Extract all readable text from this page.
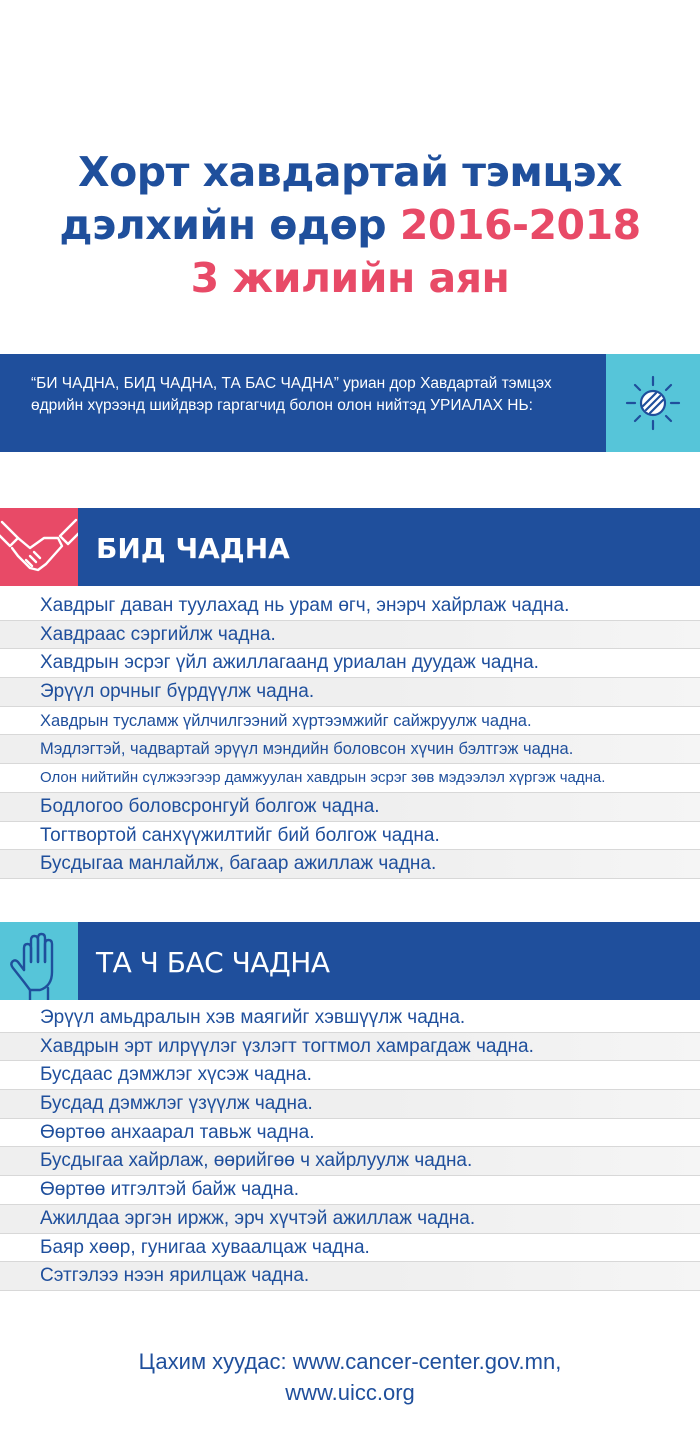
Хорт хавдартай тэмцэх
дэлхийн өдөр 2016-2018
3 жилийн аян
“БИ ЧАДНА, БИД ЧАДНА, ТА БАС ЧАДНА” уриан дор Хавдартай тэмцэх өдрийн хүрээнд шийдвэр гаргагчид болон олон нийтэд УРИАЛАХ НЬ:
БИД ЧАДНА
Хавдрыг даван туулахад нь урам өгч, энэрч хайрлаж чадна.
Хавдраас сэргийлж чадна.
Хавдрын эсрэг үйл ажиллагаанд уриалан дуудаж чадна.
Эрүүл орчныг бүрдүүлж чадна.
Хавдрын тусламж үйлчилгээний хүртээмжийг сайжруулж чадна.
Мэдлэгтэй, чадвартай эрүүл мэндийн боловсон хүчин бэлтгэж чадна.
Олон нийтийн сүлжээгээр дамжуулан хавдрын эсрэг зөв мэдээлэл хүргэж чадна.
Бодлогоо боловсронгуй болгож чадна.
Тогтвортой санхүүжилтийг бий болгож чадна.
Бусдыгаа манлайлж, багаар ажиллаж чадна.
ТА Ч БАС ЧАДНА
Эрүүл амьдралын хэв маягийг хэвшүүлж чадна.
Хавдрын эрт илрүүлэг үзлэгт тогтмол хамрагдаж чадна.
Бусдаас дэмжлэг хүсэж чадна.
Бусдад дэмжлэг үзүүлж чадна.
Өөртөө анхаарал тавьж чадна.
Бусдыгаа хайрлаж, өөрийгөө ч хайрлуулж чадна.
Өөртөө итгэлтэй байж чадна.
Ажилдаа эргэн иржж, эрч хүчтэй ажиллаж чадна.
Баяр хөөр, гунигаа хуваалцаж чадна.
Сэтгэлээ нээн ярилцаж чадна.
Цахим хуудас: www.cancer-center.gov.mn,
www.uicc.org
